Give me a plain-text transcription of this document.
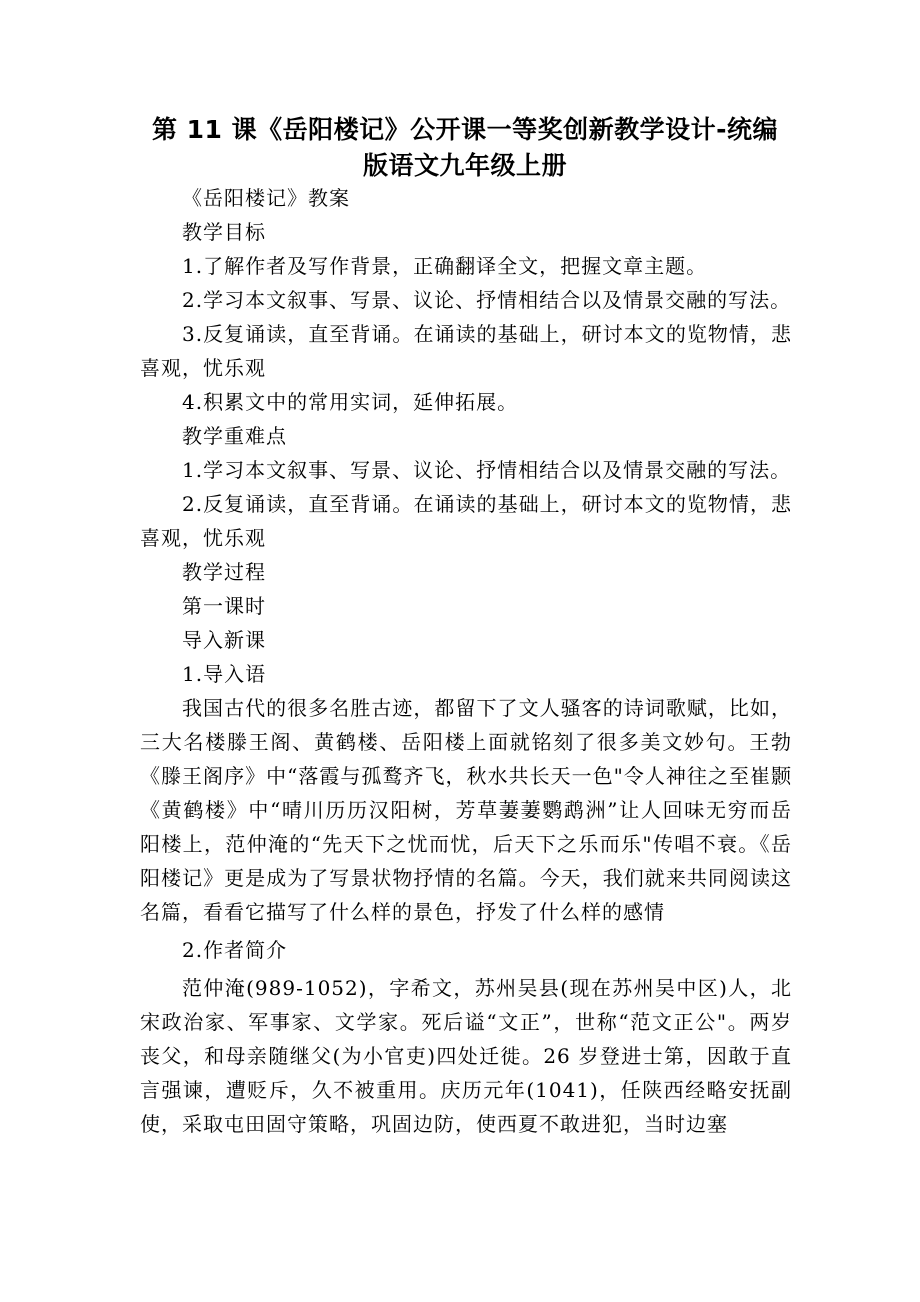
第 11 课《岳阳楼记》公开课一等奖创新教学设计-统编
版语文九年级上册

《岳阳楼记》教案

教学目标

1.了解作者及写作背景，正确翻译全文，把握文章主题。

2.学习本文叙事、写景、议论、抒情相结合以及情景交融的写法。

3.反复诵读，直至背诵。在诵读的基础上，研讨本文的览物情，悲喜观，忧乐观

4.积累文中的常用实词，延伸拓展。

教学重难点

1.学习本文叙事、写景、议论、抒情相结合以及情景交融的写法。

2.反复诵读，直至背诵。在诵读的基础上，研讨本文的览物情，悲喜观，忧乐观

教学过程

第一课时

导入新课

1.导入语

我国古代的很多名胜古迹，都留下了文人骚客的诗词歌赋，比如，三大名楼滕王阁、黄鹤楼、岳阳楼上面就铭刻了很多美文妙句。王勃《滕王阁序》中“落霞与孤鹜齐飞，秋水共长天一色"令人神往之至崔颢《黄鹤楼》中“晴川历历汉阳树，芳草萋萋鹦鹉洲”让人回味无穷而岳阳楼上，范仲淹的“先天下之忧而忧，后天下之乐而乐"传唱不衰。《岳阳楼记》更是成为了写景状物抒情的名篇。今天，我们就来共同阅读这名篇，看看它描写了什么样的景色，抒发了什么样的感情

2.作者简介

范仲淹(989-1052)，字希文，苏州吴县(现在苏州吴中区)人，北宋政治家、军事家、文学家。死后谥“文正”，世称“范文正公"。两岁丧父，和母亲随继父(为小官吏)四处迁徙。26 岁登进士第，因敢于直言强谏，遭贬斥，久不被重用。庆历元年(1041)，任陕西经略安抚副使，采取屯田固守策略，巩固边防，使西夏不敢进犯，当时边塞
